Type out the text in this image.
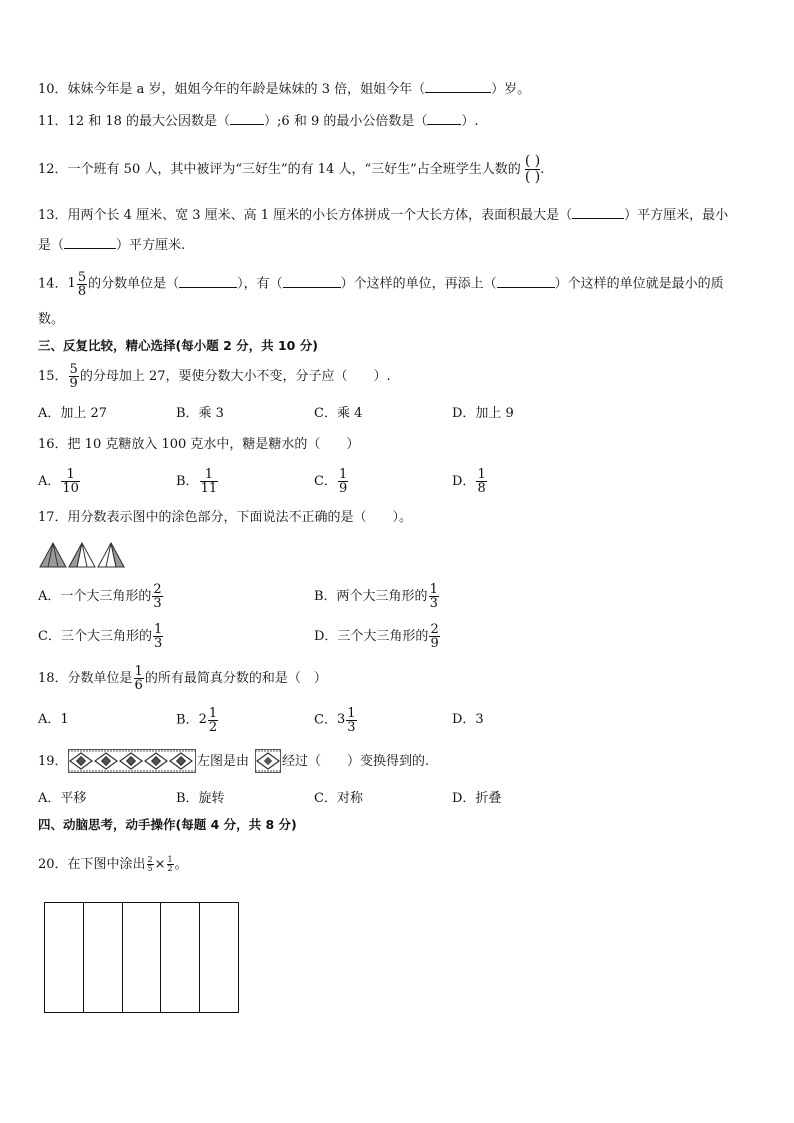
10．妹妹今年是 a 岁，姐姐今年的年龄是妹妹的 3 倍，姐姐今年（	）岁。
11．12 和 18 的最大公因数是（	）;6 和 9 的最小公倍数是（	）.
12．一个班有 50 人，其中被评为“三好生”的有 14 人，“三好生”占全班学生人数的 $\frac{( )}{( )}$ .
13．用两个长 4 厘米、宽 3 厘米、高 1 厘米的小长方体拼成一个大长方体，表面积最大是（	）平方厘米，最小
是（	）平方厘米.
14．$1 \frac{5}{8}$ 的分数单位是（	），有（	）个这样的单位，再添上（	）个这样的单位就是最小的质
数。
三、反复比较，精心选择(每小题 2 分，共 10 分)
15． $\frac{5}{9}$ 的分母加上 27，要使分数大小不变，分子应（　　）.
A．加上 27	B．乘 3	C．乘 4	D．加上 9
16．把 10 克糖放入 100 克水中，糖是糖水的（　　）
A． $\frac{1}{10}$	B． $\frac{1}{11}$	C． $\frac{1}{9}$	D． $\frac{1}{8}$
17．用分数表示图中的涂色部分，下面说法不正确的是（　　）。
A．一个大三角形的 $\frac{2}{3}$	B．两个大三角形的 $\frac{1}{3}$
C．三个大三角形的 $\frac{1}{3}$	D．三个大三角形的 $\frac{2}{9}$
18．分数单位是 $\frac{1}{6}$ 的所有最简真分数的和是（　）
A．1	B．$2 \frac{1}{2}$	C．$3 \frac{1}{3}$	D．3
19．	左图是由	经过（　　）变换得到的.
A．平移	B．旋转	C．对称	D．折叠
四、动脑思考，动手操作(每题 4 分，共 8 分)
20．在下图中涂出 $\frac{2}{5} \times \frac{1}{2}$ 。
